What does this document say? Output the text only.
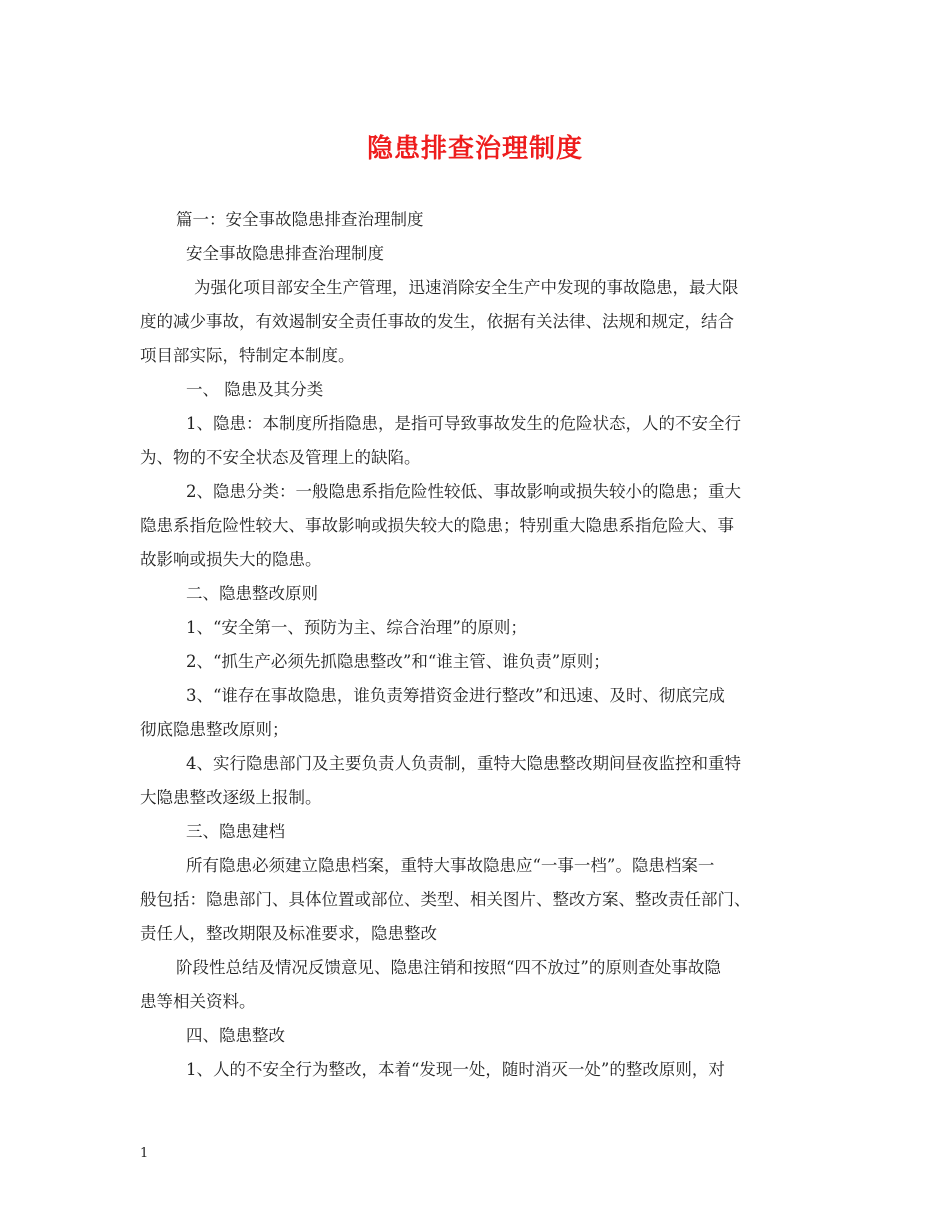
隐患排查治理制度
篇一：安全事故隐患排查治理制度
安全事故隐患排查治理制度
为强化项目部安全生产管理，迅速消除安全生产中发现的事故隐患，最大限
度的减少事故，有效遏制安全责任事故的发生，依据有关法律、法规和规定，结合
项目部实际，特制定本制度。
一、 隐患及其分类
1、隐患：本制度所指隐患，是指可导致事故发生的危险状态，人的不安全行
为、物的不安全状态及管理上的缺陷。
2、隐患分类：一般隐患系指危险性较低、事故影响或损失较小的隐患；重大
隐患系指危险性较大、事故影响或损失较大的隐患；特别重大隐患系指危险大、事
故影响或损失大的隐患。
二、隐患整改原则
1、“安全第一、预防为主、综合治理”的原则；
2、“抓生产必须先抓隐患整改”和“谁主管、谁负责”原则；
3、“谁存在事故隐患，谁负责筹措资金进行整改”和迅速、及时、彻底完成
彻底隐患整改原则；
4、实行隐患部门及主要负责人负责制，重特大隐患整改期间昼夜监控和重特
大隐患整改逐级上报制。
三、隐患建档
所有隐患必须建立隐患档案，重特大事故隐患应“一事一档”。隐患档案一
般包括：隐患部门、具体位置或部位、类型、相关图片、整改方案、整改责任部门、
责任人，整改期限及标准要求，隐患整改
阶段性总结及情况反馈意见、隐患注销和按照“四不放过”的原则查处事故隐
患等相关资料。
四、隐患整改
1、人的不安全行为整改，本着“发现一处，随时消灭一处”的整改原则，对
1
